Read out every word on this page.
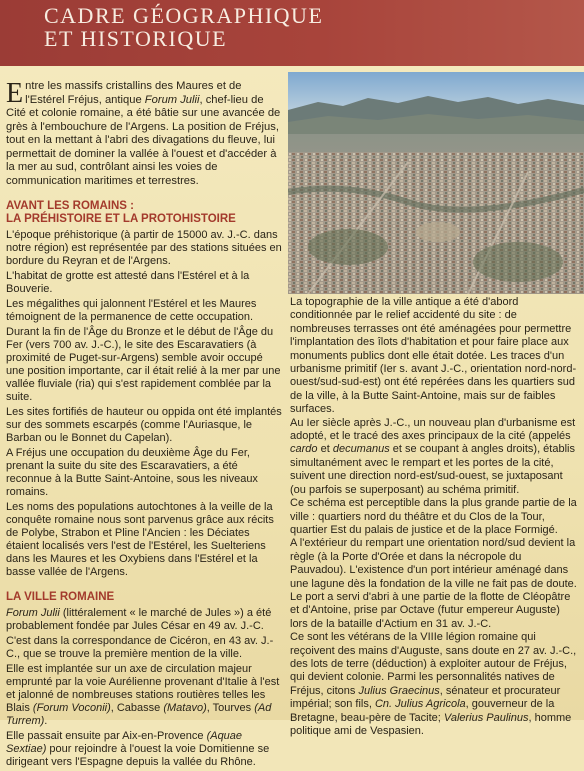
CADRE GÉOGRAPHIQUE
ET HISTORIQUE

Entre les massifs cristallins des Maures et de l'Estérel Fréjus, antique Forum Julii, chef-lieu de Cité et colonie romaine, a été bâtie sur une avancée de grès à l'embouchure de l'Argens. La position de Fréjus, tout en la mettant à l'abri des divagations du fleuve, lui permettait de dominer la vallée à l'ouest et d'accéder à la mer au sud, contrôlant ainsi les voies de communication maritimes et terrestres.

AVANT LES ROMAINS :
LA PRÉHISTOIRE ET LA PROTOHISTOIRE

L'époque préhistorique (à partir de 15000 av. J.-C. dans notre région) est représentée par des stations situées en bordure du Reyran et de l'Argens.

L'habitat de grotte est attesté dans l'Estérel et à la Bouverie.

Les mégalithes qui jalonnent l'Estérel et les Maures témoignent de la permanence de cette occupation.

Durant la fin de l'Âge du Bronze et le début de l'Âge du Fer (vers 700 av. J.-C.), le site des Escaravatiers (à proximité de Puget-sur-Argens) semble avoir occupé une position importante, car il était relié à la mer par une vallée fluviale (ria) qui s'est rapidement comblée par la suite.

Les sites fortifiés de hauteur ou oppida ont été implantés sur des sommets escarpés (comme l'Auriasque, le Barban ou le Bonnet du Capelan).

A Fréjus une occupation du deuxième Âge du Fer, prenant la suite du site des Escaravatiers, a été reconnue à la Butte Saint-Antoine, sous les niveaux romains.

Les noms des populations autochtones à la veille de la conquête romaine nous sont parvenus grâce aux récits de Polybe, Strabon et Pline l'Ancien : les Déciates étaient localisés vers l'est de l'Estérel, les Suelteriens dans les Maures et les Oxybiens dans l'Estérel et la basse vallée de l'Argens.

LA VILLE ROMAINE

Forum Julii (littéralement « le marché de Jules ») a été probablement fondée par Jules César en 49 av. J.-C.

C'est dans la correspondance de Cicéron, en 43 av. J.-C., que se trouve la première mention de la ville.

Elle est implantée sur un axe de circulation majeur emprunté par la voie Aurélienne provenant d'Italie à l'est et jalonné de nombreuses stations routières telles les Blais (Forum Voconii), Cabasse (Matavo), Tourves (Ad Turrem).

Elle passait ensuite par Aix-en-Provence (Aquae Sextiae) pour rejoindre à l'ouest la voie Domitienne se dirigeant vers l'Espagne depuis la vallée du Rhône.

La topographie de la ville antique a été d'abord conditionnée par le relief accidenté du site : de nombreuses terrasses ont été aménagées pour permettre l'implantation des îlots d'habitation et pour faire place aux monuments publics dont elle était dotée. Les traces d'un urbanisme primitif (Ier s. avant J.-C., orientation nord-nord-ouest/sud-sud-est) ont été repérées dans les quartiers sud de la ville, à la Butte Saint-Antoine, mais sur de faibles surfaces.

Au Ier siècle après J.-C., un nouveau plan d'urbanisme est adopté, et le tracé des axes principaux de la cité (appelés cardo et decumanus et se coupant à angles droits), établis simultanément avec le rempart et les portes de la cité, suivent une direction nord-est/sud-ouest, se juxtaposant (ou parfois se superposant) au schéma primitif.

Ce schéma est perceptible dans la plus grande partie de la ville : quartiers nord du théâtre et du Clos de la Tour, quartier Est du palais de justice et de la place Formigé.

A l'extérieur du rempart une orientation nord/sud devient la règle (à la Porte d'Orée et dans la nécropole du Pauvadou). L'existence d'un port intérieur aménagé dans une lagune dès la fondation de la ville ne fait pas de doute.

Le port a servi d'abri à une partie de la flotte de Cléopâtre et d'Antoine, prise par Octave (futur empereur Auguste) lors de la bataille d'Actium en 31 av. J.-C.

Ce sont les vétérans de la VIIIe légion romaine qui reçoivent des mains d'Auguste, sans doute en 27 av. J.-C., des lots de terre (déduction) à exploiter autour de Fréjus, qui devient colonie. Parmi les personnalités natives de Fréjus, citons Julius Graecinus, sénateur et procurateur impérial; son fils, Cn. Julius Agricola, gouverneur de la Bretagne, beau-père de Tacite; Valerius Paulinus, homme politique ami de Vespasien.
